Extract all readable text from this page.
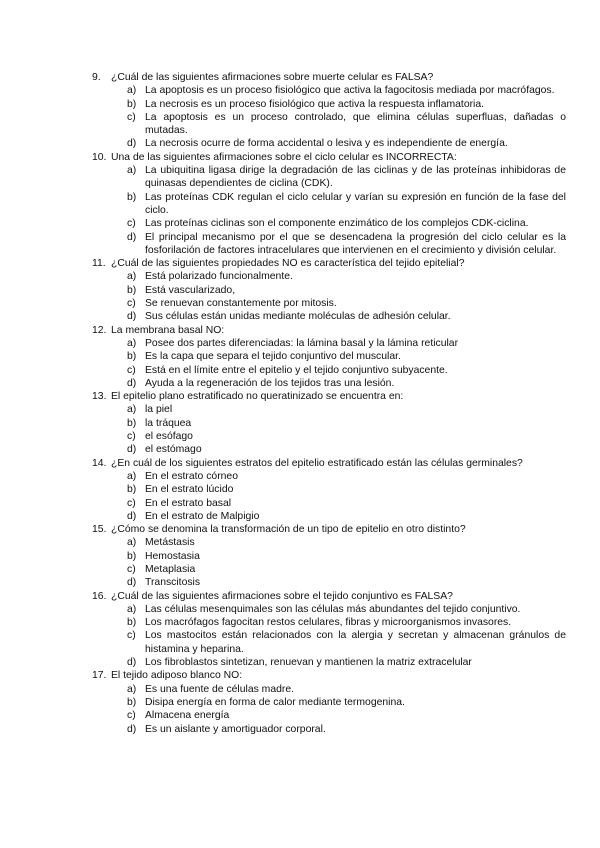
9. ¿Cuál de las siguientes afirmaciones sobre muerte celular es FALSA?
a) La apoptosis es un proceso fisiológico que activa la fagocitosis mediada por macrófagos.
b) La necrosis es un proceso fisiológico que activa la respuesta inflamatoria.
c) La apoptosis es un proceso controlado, que elimina células superfluas, dañadas o mutadas.
d) La necrosis ocurre de forma accidental o lesiva y es independiente de energía.
10. Una de las siguientes afirmaciones sobre el ciclo celular es INCORRECTA:
a) La ubiquitina ligasa dirige la degradación de las ciclinas y de las proteínas inhibidoras de quinasas dependientes de ciclina (CDK).
b) Las proteínas CDK regulan el ciclo celular y varían su expresión en función de la fase del ciclo.
c) Las proteínas ciclinas son el componente enzimático de los complejos CDK-ciclina.
d) El principal mecanismo por el que se desencadena la progresión del ciclo celular es la fosforilación de factores intracelulares que intervienen en el crecimiento y división celular.
11. ¿Cuál de las siguientes propiedades NO es característica del tejido epitelial?
a) Está polarizado funcionalmente.
b) Está vascularizado,
c) Se renuevan constantemente por mitosis.
d) Sus células están unidas mediante moléculas de adhesión celular.
12. La membrana basal NO:
a) Posee dos partes diferenciadas: la lámina basal y la lámina reticular
b) Es la capa que separa el tejido conjuntivo del muscular.
c) Está en el límite entre el epitelio y el tejido conjuntivo subyacente.
d) Ayuda a la regeneración de los tejidos tras una lesión.
13. El epitelio plano estratificado no queratinizado se encuentra en:
a) la piel
b) la tráquea
c) el esófago
d) el estómago
14. ¿En cuál de los siguientes estratos del epitelio estratificado están las células germinales?
a) En el estrato córneo
b) En el estrato lúcido
c) En el estrato basal
d) En el estrato de Malpigio
15. ¿Cómo se denomina la transformación de un tipo de epitelio en otro distinto?
a) Metástasis
b) Hemostasia
c) Metaplasia
d) Transcitosis
16. ¿Cuál de las siguientes afirmaciones sobre el tejido conjuntivo es FALSA?
a) Las células mesenquimales son las células más abundantes del tejido conjuntivo.
b) Los macrófagos fagocitan restos celulares, fibras y microorganismos invasores.
c) Los mastocitos están relacionados con la alergia y secretan y almacenan gránulos de histamina y heparina.
d) Los fibroblastos sintetizan, renuevan y mantienen la matriz extracelular
17. El tejido adiposo blanco NO:
a) Es una fuente de células madre.
b) Disipa energía en forma de calor mediante termogenina.
c) Almacena energía
d) Es un aislante y amortiguador corporal.
